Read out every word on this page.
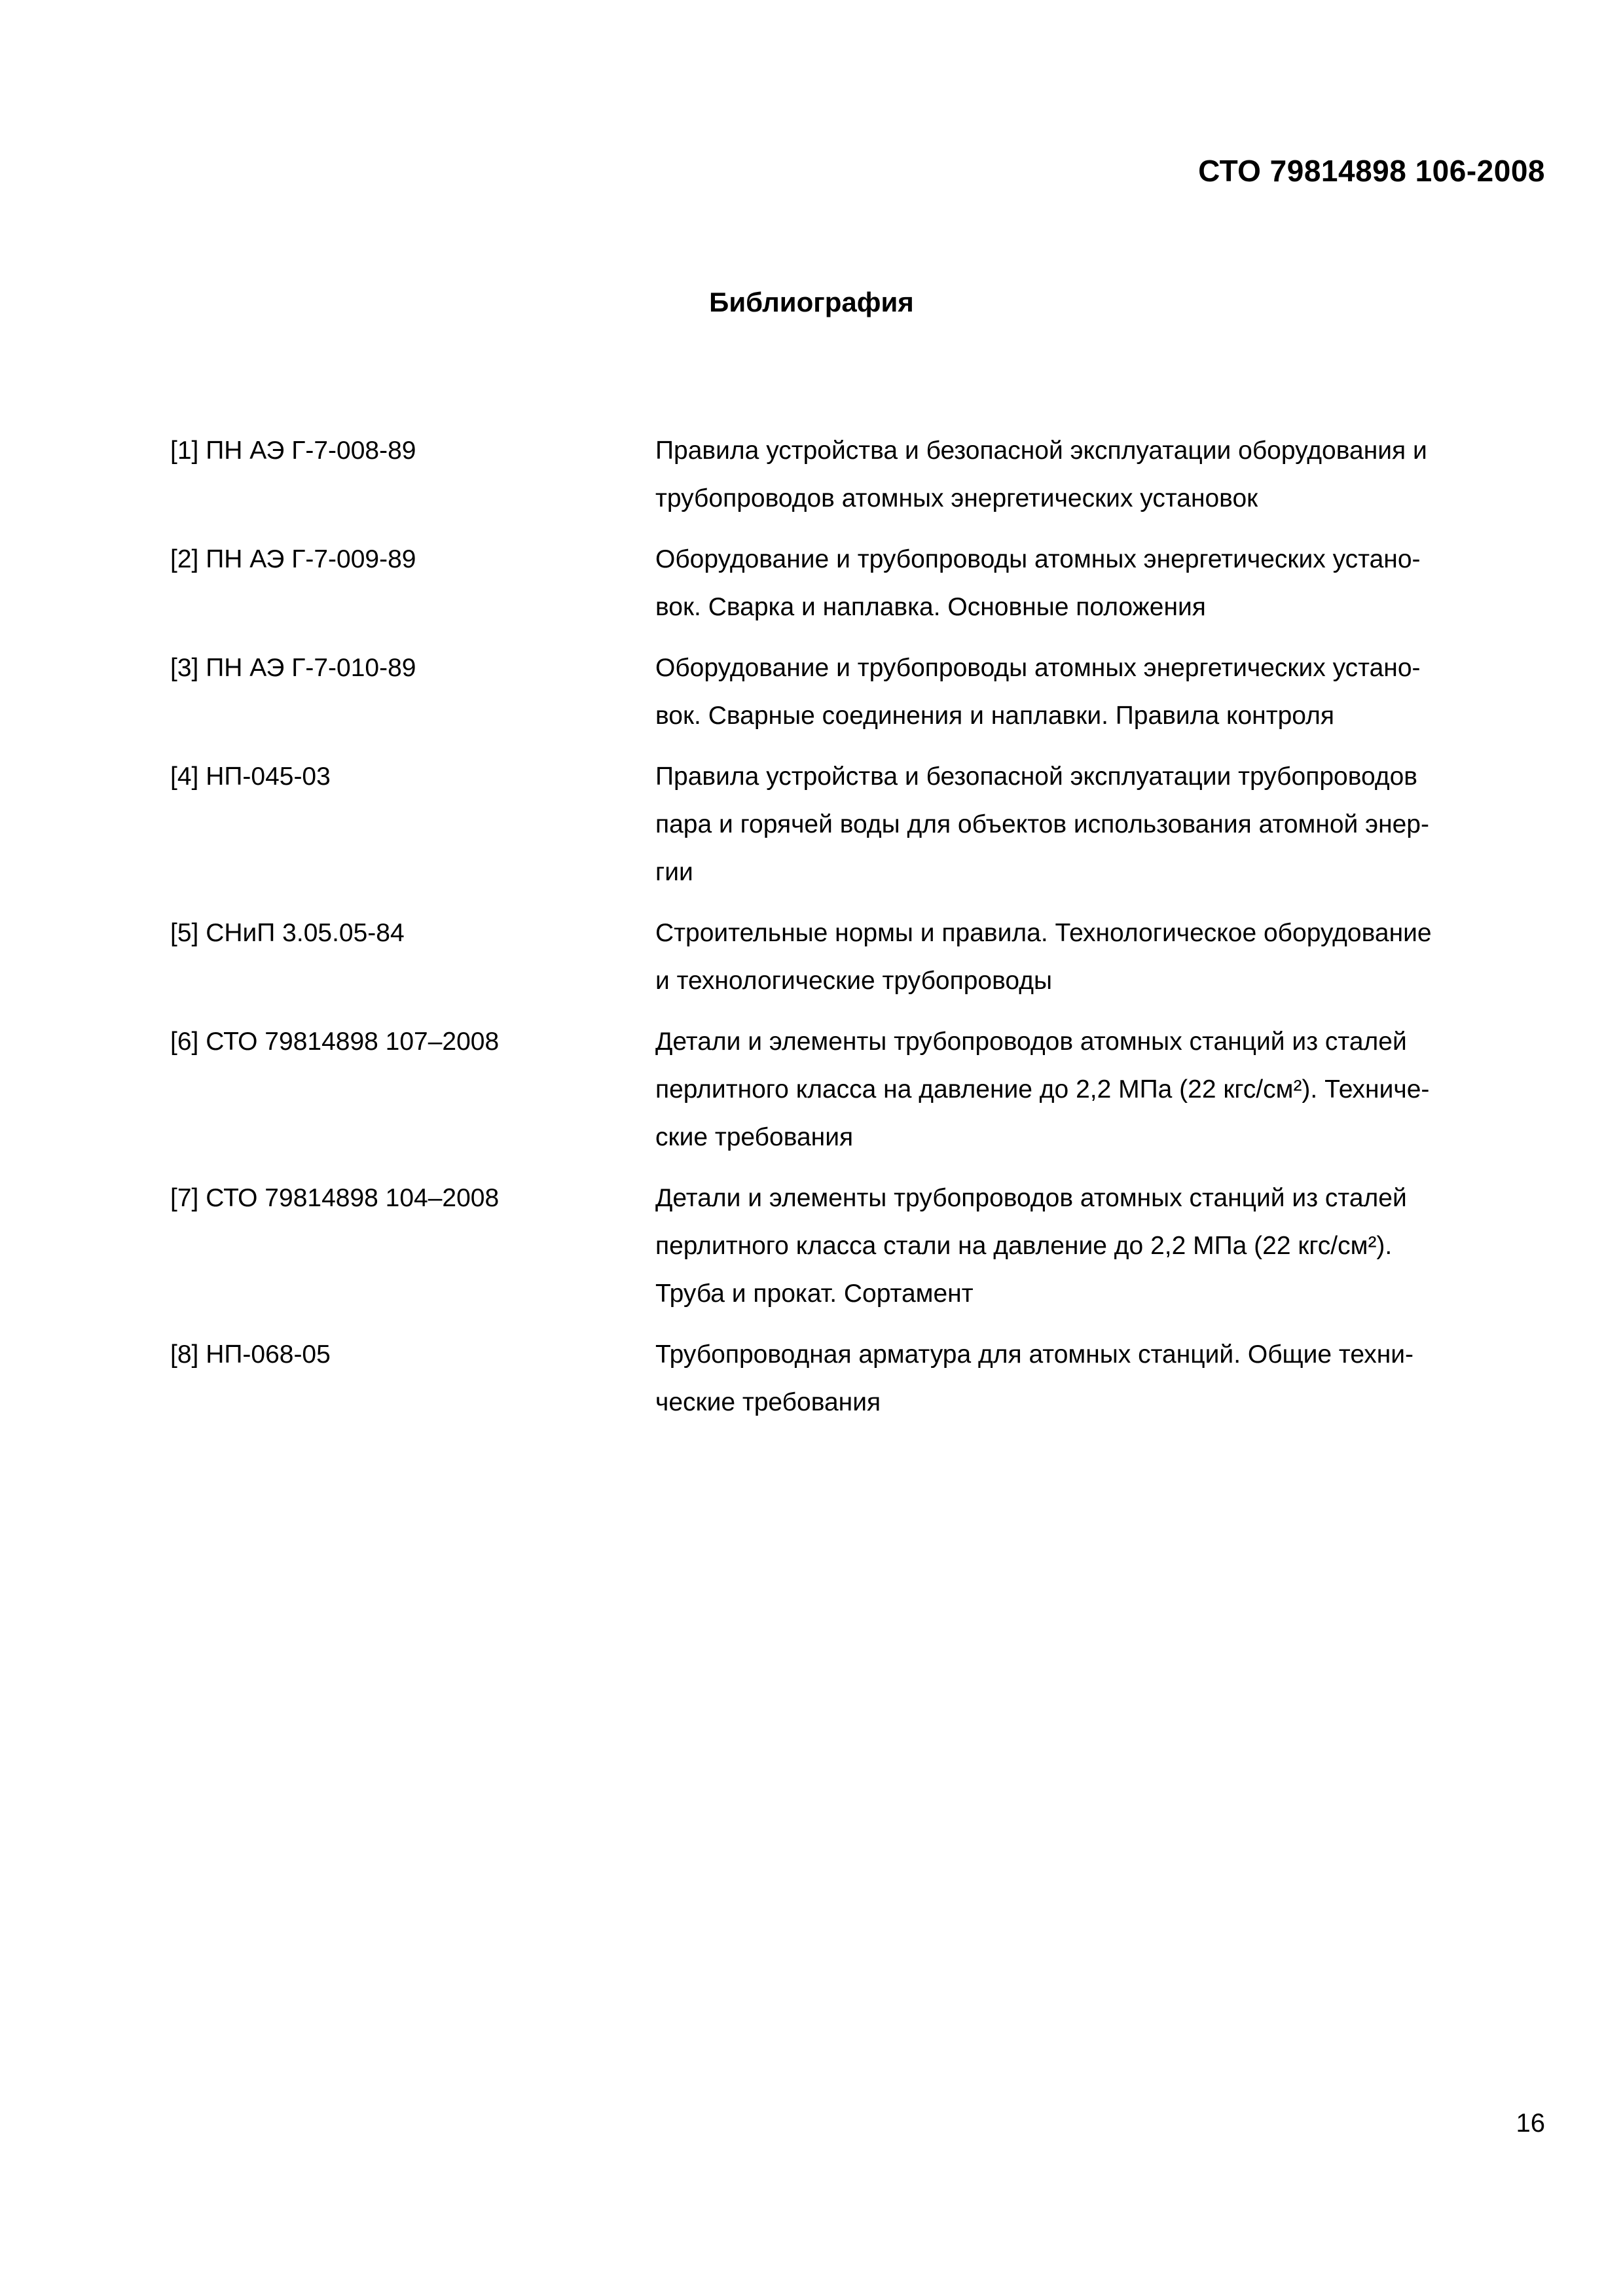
СТО 79814898 106-2008
Библиография
[1] ПН АЭ Г-7-008-89	Правила устройства и безопасной эксплуатации оборудования и
трубопроводов атомных энергетических установок
[2] ПН АЭ Г-7-009-89	Оборудование и трубопроводы атомных энергетических устано-
вок. Сварка и наплавка. Основные положения
[3] ПН АЭ Г-7-010-89	Оборудование и трубопроводы атомных энергетических устано-
вок. Сварные соединения и наплавки. Правила контроля
[4] НП-045-03	Правила устройства и безопасной эксплуатации трубопроводов
пара и горячей воды для объектов использования атомной энер-
гии
[5] СНиП 3.05.05-84	Строительные нормы и правила. Технологическое оборудование
и технологические трубопроводы
[6] СТО 79814898 107–2008	Детали и элементы трубопроводов атомных станций из сталей
перлитного класса на давление до 2,2 МПа (22 кгс/см²). Техниче-
ские требования
[7] СТО 79814898 104–2008	Детали и элементы трубопроводов атомных станций из сталей
перлитного класса стали на давление до 2,2 МПа (22 кгс/см²).
Труба и прокат. Сортамент
[8] НП-068-05	Трубопроводная арматура для атомных станций. Общие техни-
ческие требования
16
